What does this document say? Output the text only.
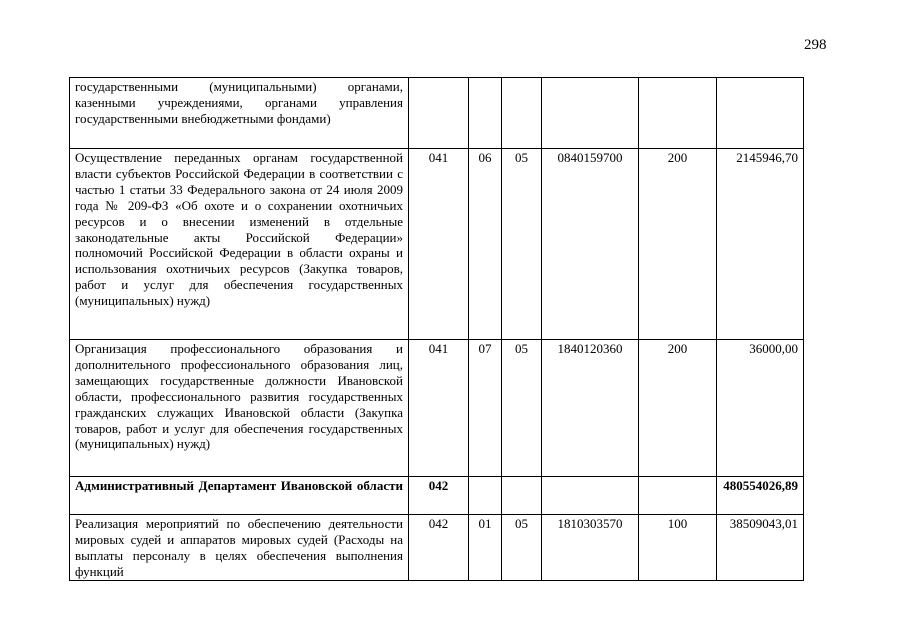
298
государственными (муниципальными) органами, казенными учреждениями, органами управления государственными внебюджетными фондами)						
Осуществление переданных органам государственной власти субъектов Российской Федерации в соответствии с частью 1 статьи 33 Федерального закона от 24 июля 2009 года № 209-ФЗ «Об охоте и о сохранении охотничьих ресурсов и о внесении изменений в отдельные законодательные акты Российской Федерации» полномочий Российской Федерации в области охраны и использования охотничьих ресурсов (Закупка товаров, работ и услуг для обеспечения государственных (муниципальных) нужд)	041	06	05	0840159700	200	2145946,70
Организация профессионального образования и дополнительного профессионального образования лиц, замещающих государственные должности Ивановской области, профессионального развития государственных гражданских служащих Ивановской области (Закупка товаров, работ и услуг для обеспечения государственных (муниципальных) нужд)	041	07	05	1840120360	200	36000,00
Административный Департамент Ивановской области	042					480554026,89
Реализация мероприятий по обеспечению деятельности мировых судей и аппаратов мировых судей (Расходы на выплаты персоналу в целях обеспечения выполнения функций	042	01	05	1810303570	100	38509043,01
